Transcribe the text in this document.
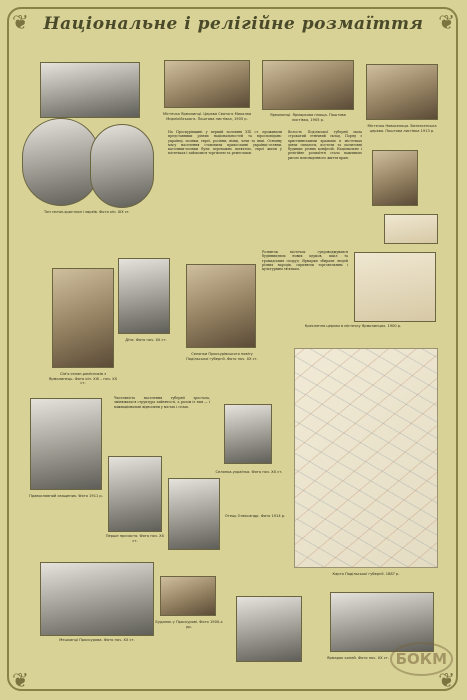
❦	❦
❦	❦
Національне і релігійне розмаїття
Містечко Ярмолинці. Церква Святого Миколая Мирлікійського. Поштова листівка, 1905 р.
Ярмолинці. Ярмаркова площа. Поштова листівка, 1905 р.
Містечко Новоселиця. Вознесенська церква. Поштова листівка 1913 р.
Тип селян-християн і євреїв. Фото кін. ХІХ ст.
На Проскурівщині у першій половині ХІХ ст. проживали представники різних національностей та віросповідань: українці, поляки, євреї, росіяни, німці, чехи та інші. Основну масу населення становили православні українці-селяни, католики-поляки були переважно шляхтою, євреї жили у містечках і займалися торгівлею та ремеслами.
Волость Подільської губернії мала строкатий етнічний склад. Поряд з християнськими храмами в містечках діяли синагоги, костели та молитовні будинки різних конфесій. Національне і релігійне розмаїття стало важливою рисою повсякденного життя краю.
Діти. Фото поч. ХХ ст.
Сім'я селян-ремісників з Ярмолинець. Фото кін. ХІХ – поч. ХХ ст.
Селянки Проскурівського повіту Подільської губернії. Фото поч. ХХ ст.
Розвиток містечок супроводжувався будівництвом нових церков, шкіл та громадських споруд. Ярмарки збирали людей різних народів, сприяючи торговельним і культурним зв'язкам.
Креслення церкви в містечку Ярмолинцях. 1900 р.
Карта Подільської губернії. 1887 р.
Православний священик. Фото 1911 р.
Чисельність населення губернії зростала, змінювалася структура зайнятості, а разом із тим — і міжнаціональні відносини у містах і селах.
Селянка-українка. Фото поч. ХХ ст.
Перше причастя. Фото поч. ХХ ст.
Отець Олександр. Фото 1914 р.
Мешканці Проскурова. Фото поч. ХХ ст.
Будинок у Проскурові. Фото 1900-х рр.
Ярмарок коней. Фото поч. ХХ ст. БОКМ
